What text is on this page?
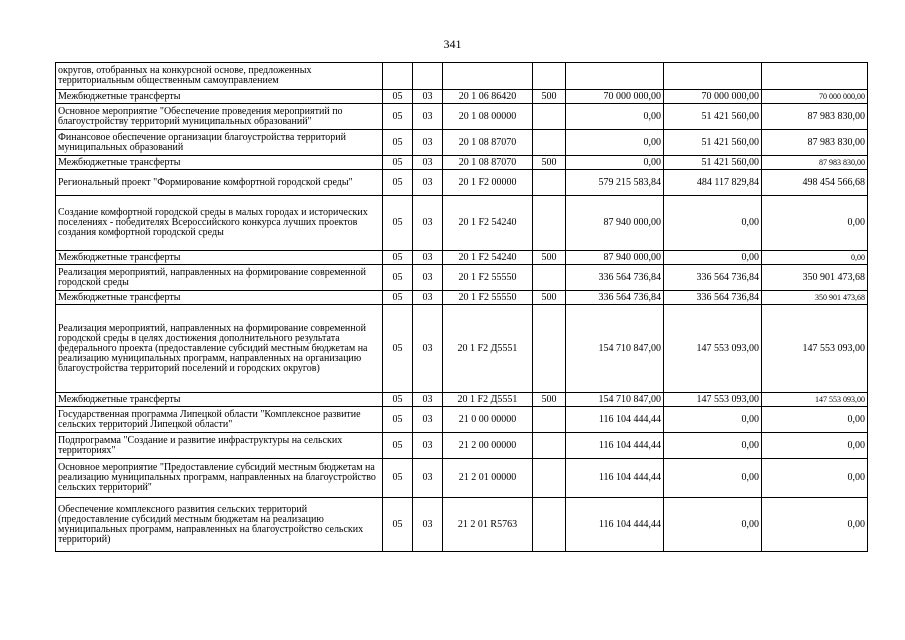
341
округов, отобранных на конкурсной основе, предложенных территориальным общественным самоуправлением							
Межбюджетные трансферты	05	03	20 1 06 86420	500	70 000 000,00	70 000 000,00	70 000 000,00
Основное мероприятие "Обеспечение проведения мероприятий по благоустройству территорий муниципальных образований"	05	03	20 1 08 00000		0,00	51 421 560,00	87 983 830,00
Финансовое обеспечение организации благоустройства территорий муниципальных образований	05	03	20 1 08 87070		0,00	51 421 560,00	87 983 830,00
Межбюджетные трансферты	05	03	20 1 08 87070	500	0,00	51 421 560,00	87 983 830,00
Региональный проект "Формирование комфортной городской среды"	05	03	20 1 F2 00000		579 215 583,84	484 117 829,84	498 454 566,68
Создание комфортной городской среды в малых городах и исторических поселениях - победителях Всероссийского конкурса лучших проектов создания комфортной городской среды	05	03	20 1 F2 54240		87 940 000,00	0,00	0,00
Межбюджетные трансферты	05	03	20 1 F2 54240	500	87 940 000,00	0,00	0,00
Реализация мероприятий, направленных на формирование современной городской среды	05	03	20 1 F2 55550		336 564 736,84	336 564 736,84	350 901 473,68
Межбюджетные трансферты	05	03	20 1 F2 55550	500	336 564 736,84	336 564 736,84	350 901 473,68
Реализация мероприятий, направленных на формирование современной городской среды в целях достижения дополнительного результата федерального проекта (предоставление субсидий местным бюджетам на реализацию муниципальных программ, направленных на организацию благоустройства территорий поселений и городских округов)	05	03	20 1 F2 Д5551		154 710 847,00	147 553 093,00	147 553 093,00
Межбюджетные трансферты	05	03	20 1 F2 Д5551	500	154 710 847,00	147 553 093,00	147 553 093,00
Государственная программа Липецкой области "Комплексное развитие сельских территорий Липецкой области"	05	03	21 0 00 00000		116 104 444,44	0,00	0,00
Подпрограмма "Создание и развитие инфраструктуры на сельских территориях"	05	03	21 2 00 00000		116 104 444,44	0,00	0,00
Основное мероприятие "Предоставление субсидий местным бюджетам на реализацию муниципальных программ, направленных на благоустройство сельских территорий"	05	03	21 2 01 00000		116 104 444,44	0,00	0,00
Обеспечение комплексного развития сельских территорий (предоставление субсидий местным бюджетам на реализацию муниципальных программ, направленных на благоустройство сельских территорий)	05	03	21 2 01 R5763		116 104 444,44	0,00	0,00
